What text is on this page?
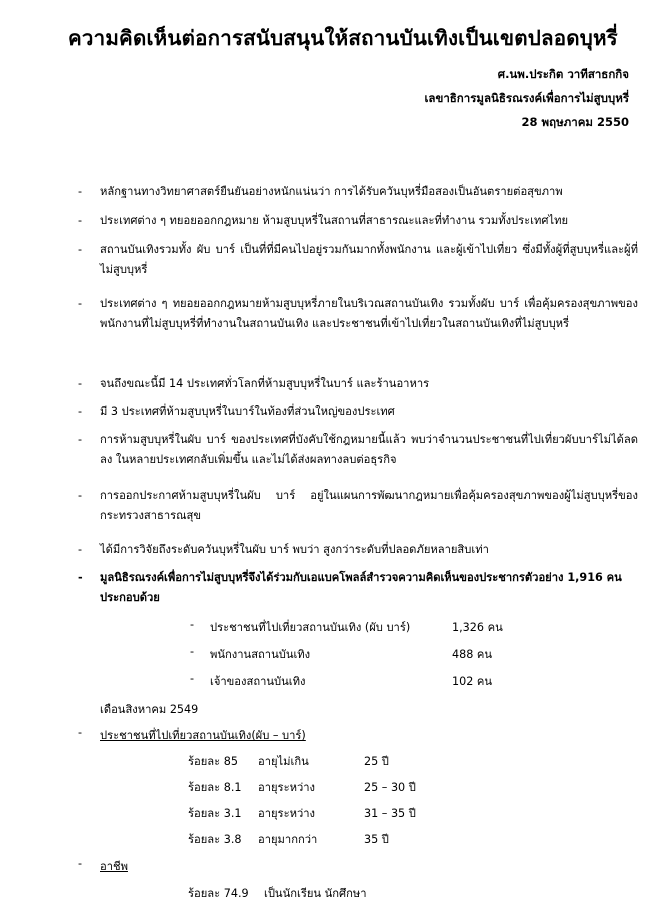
ความคิดเห็นต่อการสนับสนุนให้สถานบันเทิงเป็นเขตปลอดบุหรี่
ศ.นพ.ประกิต วาทีสาธกกิจ
เลขาธิการมูลนิธิรณรงค์เพื่อการไม่สูบบุหรี่
28 พฤษภาคม 2550
-	หลักฐานทางวิทยาศาสตร์ยืนยันอย่างหนักแน่นว่า การได้รับควันบุหรี่มือสองเป็นอันตรายต่อสุขภาพ
-	ประเทศต่าง ๆ ทยอยออกกฎหมาย ห้ามสูบบุหรี่ในสถานที่สาธารณะและที่ทำงาน รวมทั้งประเทศไทย
-	สถานบันเทิงรวมทั้ง ผับ บาร์ เป็นที่ที่มีคนไปอยู่รวมกันมากทั้งพนักงาน และผู้เข้าไปเที่ยว ซึ่งมีทั้งผู้ที่สูบบุหรี่และผู้ที่ไม่สูบบุหรี่
-	ประเทศต่าง ๆ ทยอยออกกฎหมายห้ามสูบบุหรี่ภายในบริเวณสถานบันเทิง รวมทั้งผับ บาร์ เพื่อคุ้มครองสุขภาพของพนักงานที่ไม่สูบบุหรี่ที่ทำงานในสถานบันเทิง และประชาชนที่เข้าไปเที่ยวในสถานบันเทิงที่ไม่สูบบุหรี่
-	จนถึงขณะนี้มี 14 ประเทศทั่วโลกที่ห้ามสูบบุหรี่ในบาร์ และร้านอาหาร
-	มี 3 ประเทศที่ห้ามสูบบุหรี่ในบาร์ในท้องที่ส่วนใหญ่ของประเทศ
-	การห้ามสูบบุหรี่ในผับ บาร์ ของประเทศที่บังคับใช้กฎหมายนี้แล้ว พบว่าจำนวนประชาชนที่ไปเที่ยวผับบาร์ไม่ได้ลดลง ในหลายประเทศกลับเพิ่มขึ้น และไม่ได้ส่งผลทางลบต่อธุรกิจ
-	การออกประกาศห้ามสูบบุหรี่ในผับ บาร์ อยู่ในแผนการพัฒนากฎหมายเพื่อคุ้มครองสุขภาพของผู้ไม่สูบบุหรี่ของกระทรวงสาธารณสุข
-	ได้มีการวิจัยถึงระดับควันบุหรี่ในผับ บาร์ พบว่า สูงกว่าระดับที่ปลอดภัยหลายสิบเท่า
-	มูลนิธิรณรงค์เพื่อการไม่สูบบุหรี่จึงได้ร่วมกับเอแบคโพลล์สำรวจความคิดเห็นของประชากรตัวอย่าง 1,916 คน ประกอบด้วย
- ประชาชนที่ไปเที่ยวสถานบันเทิง (ผับ บาร์)	1,326 คน
- พนักงานสถานบันเทิง	488 คน
- เจ้าของสถานบันเทิง	102 คน
เดือนสิงหาคม 2549
- ประชาชนที่ไปเที่ยวสถานบันเทิง(ผับ – บาร์)
ร้อยละ 85 อายุไม่เกิน	25 ปี
ร้อยละ 8.1 อายุระหว่าง	25 – 30 ปี
ร้อยละ 3.1 อายุระหว่าง	31 – 35 ปี
ร้อยละ 3.8 อายุมากกว่า	35 ปี
- อาชีพ
ร้อยละ 74.9 เป็นนักเรียน นักศึกษา
